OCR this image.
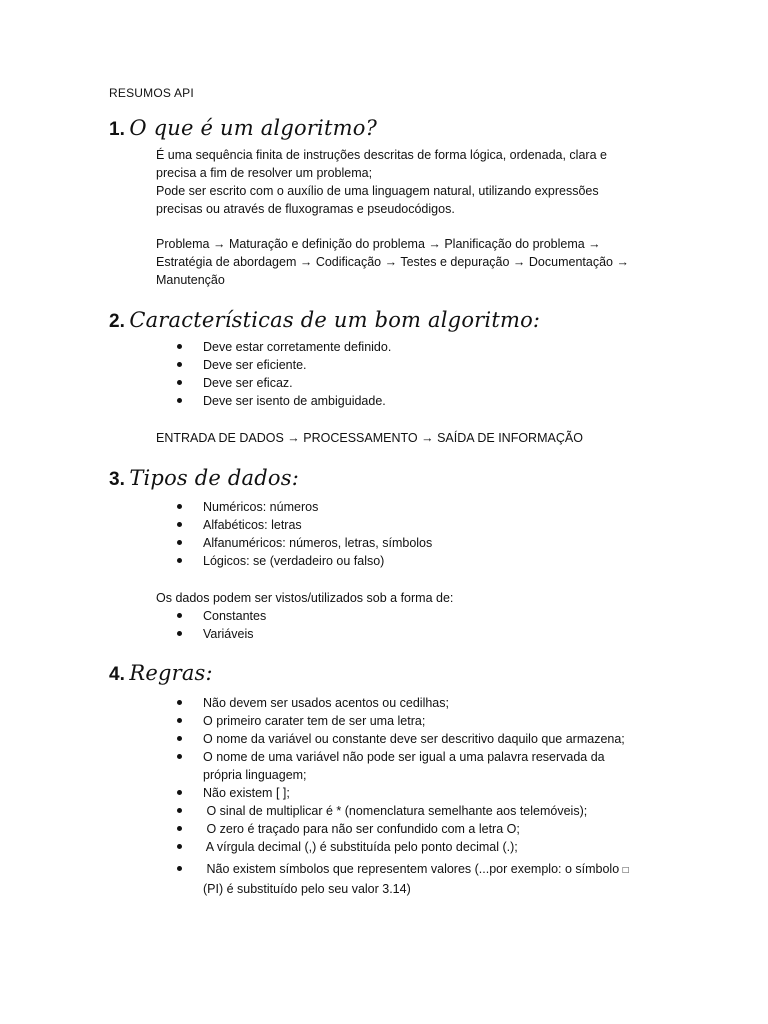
RESUMOS API
1. O que é um algoritmo?
É uma sequência finita de instruções descritas de forma lógica, ordenada, clara e
precisa a fim de resolver um problema;
Pode ser escrito com o auxílio de uma linguagem natural, utilizando expressões
precisas ou através de fluxogramas e pseudocódigos.
Problema → Maturação e definição do problema → Planificação do problema →
Estratégia de abordagem → Codificação → Testes e depuração → Documentação →
Manutenção
2. Características de um bom algoritmo:
Deve estar corretamente definido.
Deve ser eficiente.
Deve ser eficaz.
Deve ser isento de ambiguidade.
ENTRADA DE DADOS → PROCESSAMENTO → SAÍDA DE INFORMAÇÃO
3. Tipos de dados:
Numéricos: números
Alfabéticos: letras
Alfanuméricos: números, letras, símbolos
Lógicos: se (verdadeiro ou falso)
Os dados podem ser vistos/utilizados sob a forma de:
Constantes
Variáveis
4. Regras:
Não devem ser usados acentos ou cedilhas;
O primeiro carater tem de ser uma letra;
O nome da variável ou constante deve ser descritivo daquilo que armazena;
O nome de uma variável não pode ser igual a uma palavra reservada da
própria linguagem;
Não existem [ ];
O sinal de multiplicar é * (nomenclatura semelhante aos telemóveis);
O zero é traçado para não ser confundido com a letra O;
A vírgula decimal (,) é substituída pelo ponto decimal (.);
Não existem símbolos que representem valores (...por exemplo: o símbolo □
(PI) é substituído pelo seu valor 3.14)
